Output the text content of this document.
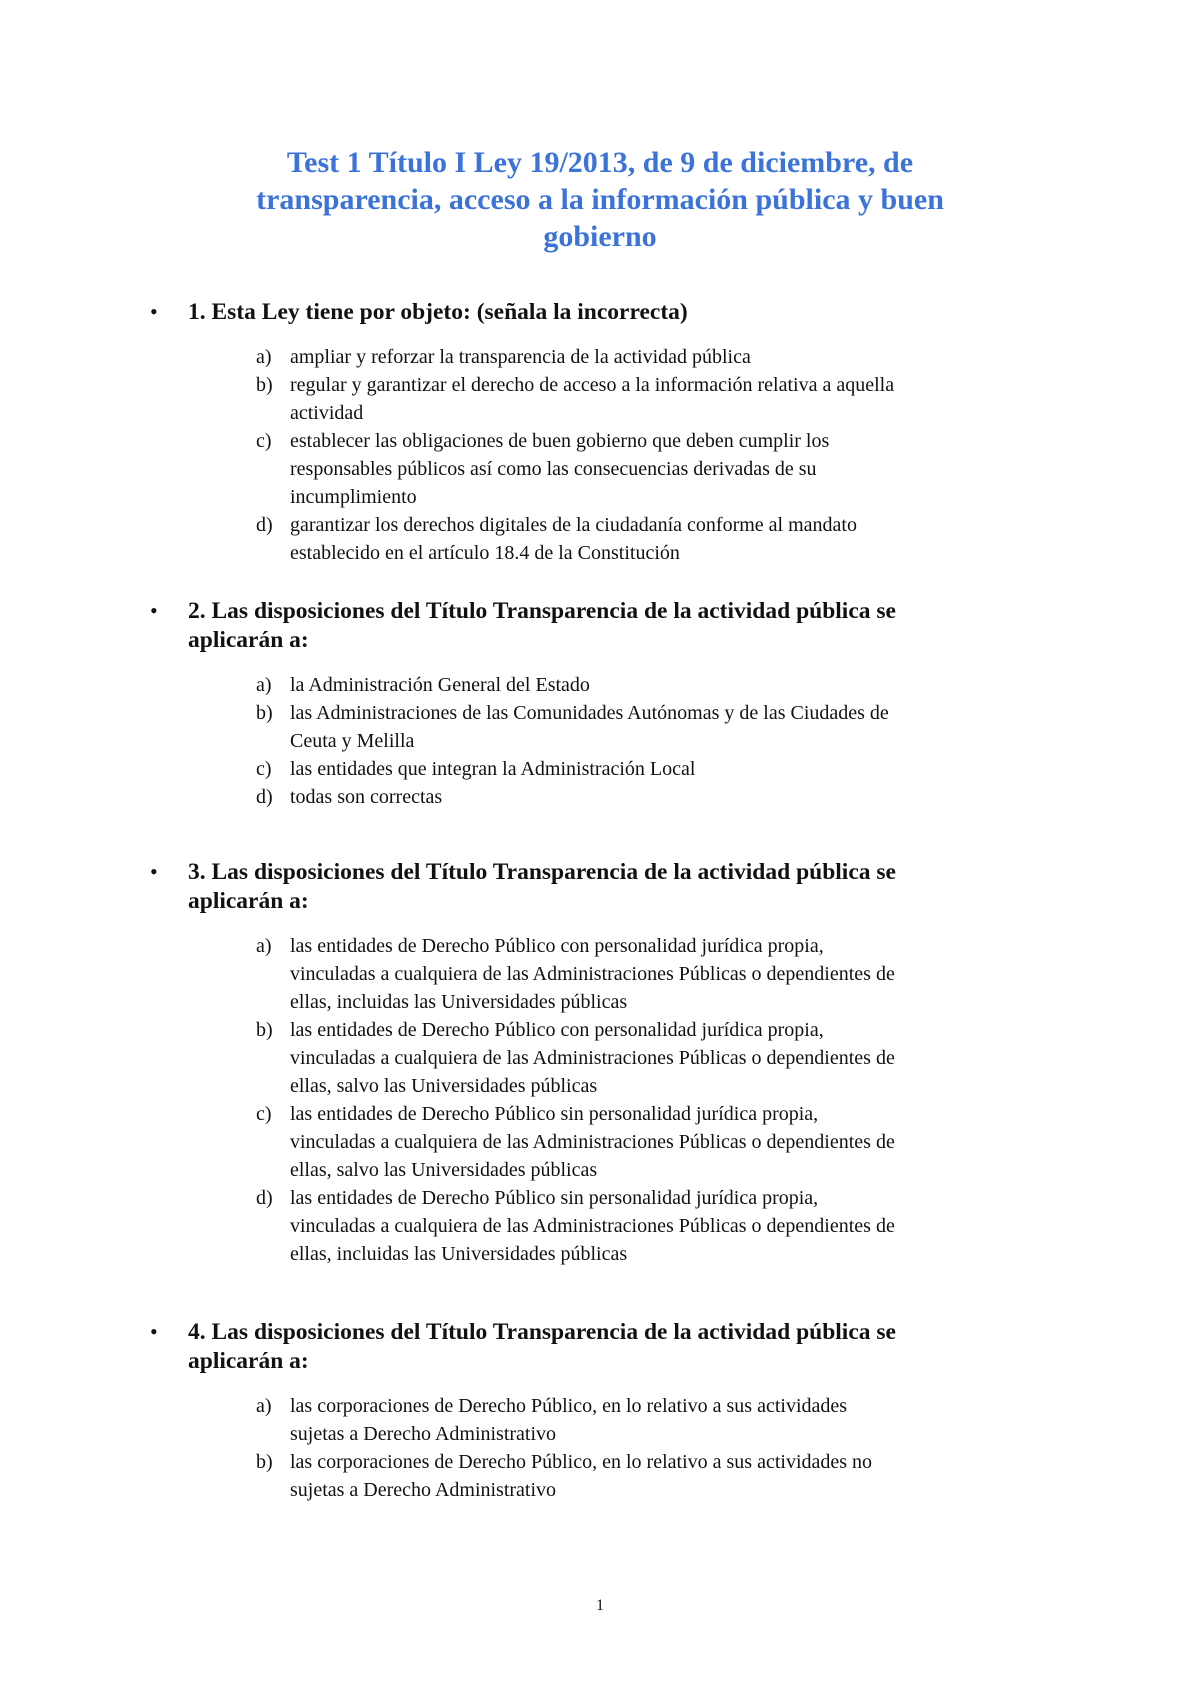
Test 1 Título I Ley 19/2013, de 9 de diciembre, de
transparencia, acceso a la información pública y buen
gobierno
• 1. Esta Ley tiene por objeto: (señala la incorrecta)
a) ampliar y reforzar la transparencia de la actividad pública
b) regular y garantizar el derecho de acceso a la información relativa a aquella
actividad
c) establecer las obligaciones de buen gobierno que deben cumplir los
responsables públicos así como las consecuencias derivadas de su
incumplimiento
d) garantizar los derechos digitales de la ciudadanía conforme al mandato
establecido en el artículo 18.4 de la Constitución
• 2. Las disposiciones del Título Transparencia de la actividad pública se
aplicarán a:
a) la Administración General del Estado
b) las Administraciones de las Comunidades Autónomas y de las Ciudades de
Ceuta y Melilla
c) las entidades que integran la Administración Local
d) todas son correctas
• 3. Las disposiciones del Título Transparencia de la actividad pública se
aplicarán a:
a) las entidades de Derecho Público con personalidad jurídica propia,
vinculadas a cualquiera de las Administraciones Públicas o dependientes de
ellas, incluidas las Universidades públicas
b) las entidades de Derecho Público con personalidad jurídica propia,
vinculadas a cualquiera de las Administraciones Públicas o dependientes de
ellas, salvo las Universidades públicas
c) las entidades de Derecho Público sin personalidad jurídica propia,
vinculadas a cualquiera de las Administraciones Públicas o dependientes de
ellas, salvo las Universidades públicas
d) las entidades de Derecho Público sin personalidad jurídica propia,
vinculadas a cualquiera de las Administraciones Públicas o dependientes de
ellas, incluidas las Universidades públicas
• 4. Las disposiciones del Título Transparencia de la actividad pública se
aplicarán a:
a) las corporaciones de Derecho Público, en lo relativo a sus actividades
sujetas a Derecho Administrativo
b) las corporaciones de Derecho Público, en lo relativo a sus actividades no
sujetas a Derecho Administrativo
1
